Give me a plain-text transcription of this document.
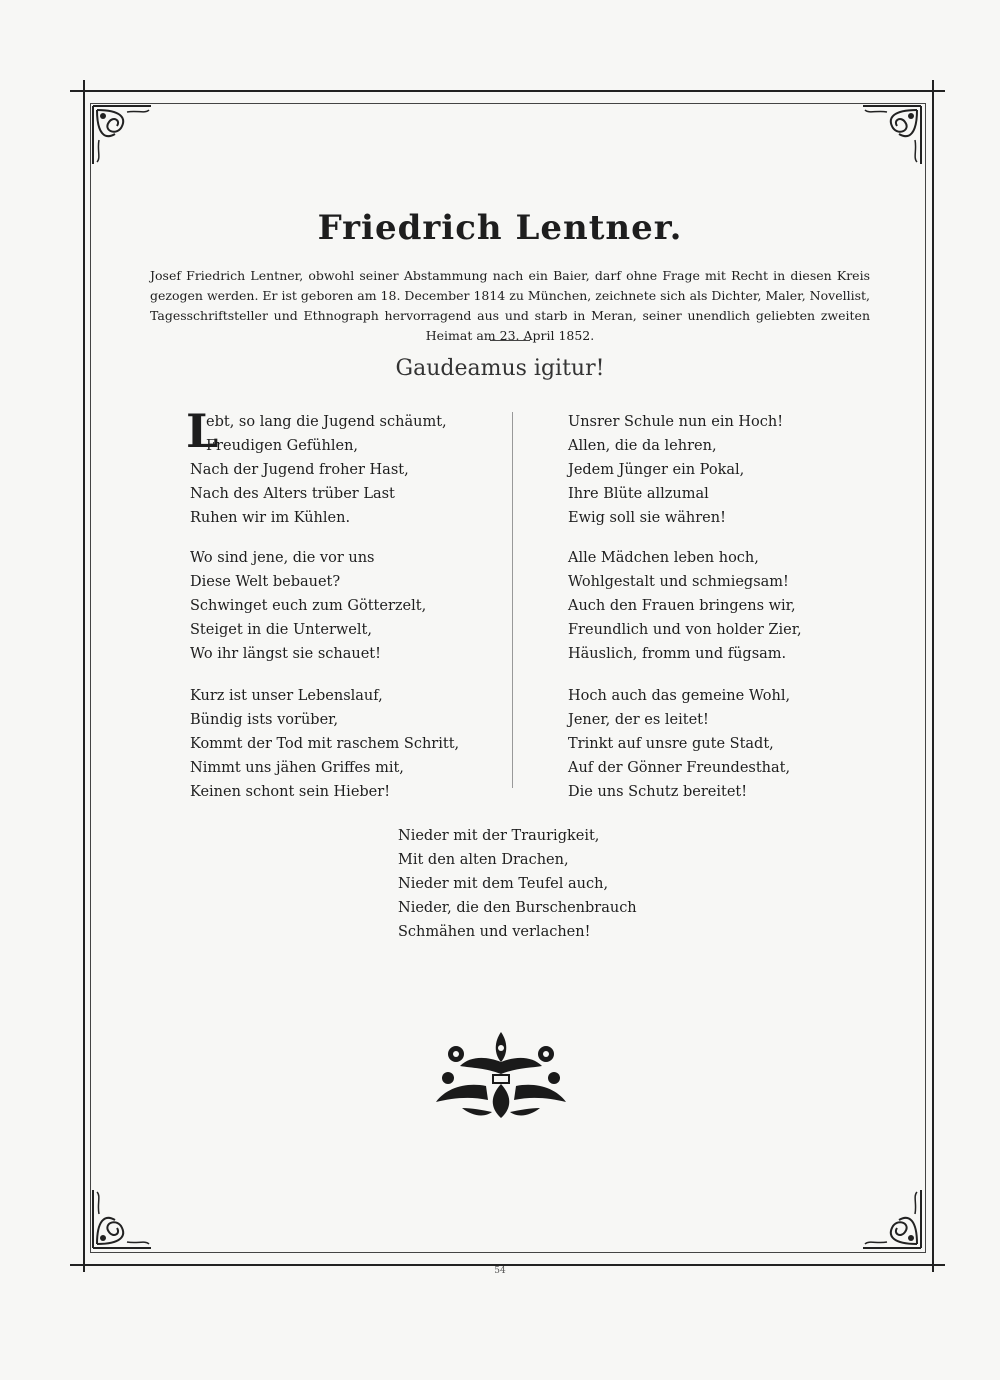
Friedrich Lentner.
Josef Friedrich Lentner, obwohl seiner Abstammung nach ein Baier, darf ohne Frage mit Recht in diesen Kreis gezogen werden. Er ist geboren am 18. December 1814 zu München, zeichnete sich als Dichter, Maler, Novellist, Tagesschriftsteller und Ethnograph hervorragend aus und starb in Meran, seiner unendlich geliebten zweiten Heimat am 23. April 1852.
Gaudeamus igitur!
L
ebt, so lang die Jugend schäumt,
Freudigen Gefühlen,
Nach der Jugend froher Hast,
Nach des Alters trüber Last
Ruhen wir im Kühlen.
Wo sind jene, die vor uns
Diese Welt bebauet?
Schwinget euch zum Götterzelt,
Steiget in die Unterwelt,
Wo ihr längst sie schauet!
Kurz ist unser Lebenslauf,
Bündig ists vorüber,
Kommt der Tod mit raschem Schritt,
Nimmt uns jähen Griffes mit,
Keinen schont sein Hieber!
Unsrer Schule nun ein Hoch!
Allen, die da lehren,
Jedem Jünger ein Pokal,
Ihre Blüte allzumal
Ewig soll sie währen!
Alle Mädchen leben hoch,
Wohlgestalt und schmiegsam!
Auch den Frauen bringens wir,
Freundlich und von holder Zier,
Häuslich, fromm und fügsam.
Hoch auch das gemeine Wohl,
Jener, der es leitet!
Trinkt auf unsre gute Stadt,
Auf der Gönner Freundesthat,
Die uns Schutz bereitet!
Nieder mit der Traurigkeit,
Mit den alten Drachen,
Nieder mit dem Teufel auch,
Nieder, die den Burschenbrauch
Schmähen und verlachen!
54
